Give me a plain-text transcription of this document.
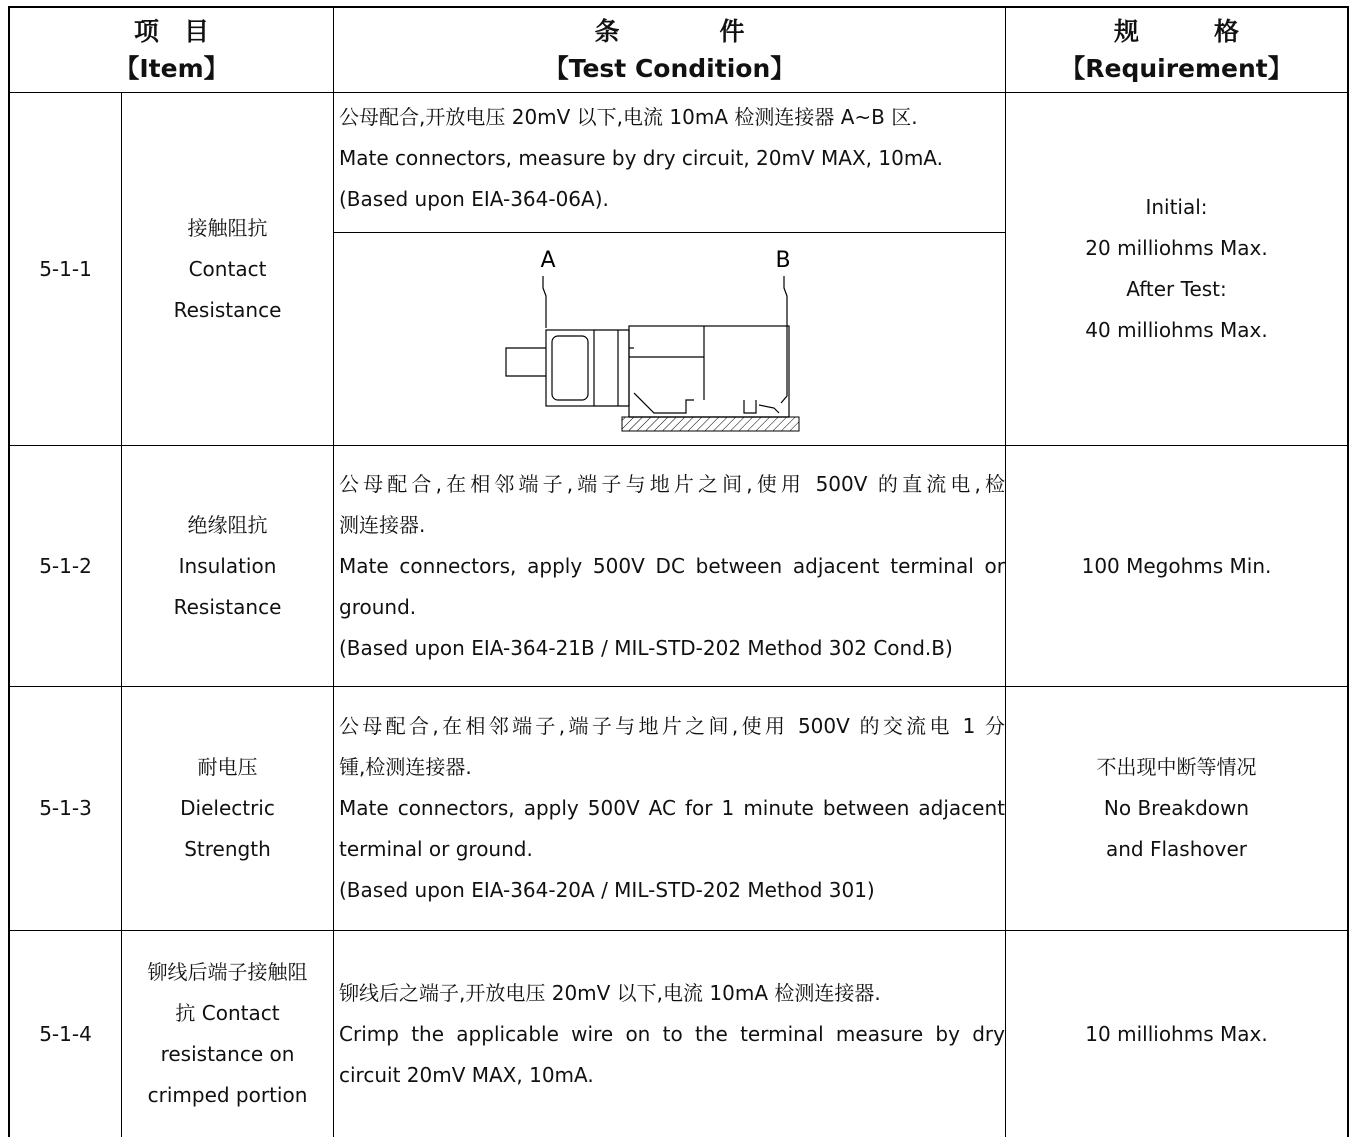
项　目
【Item】
条　　　　件
【Test Condition】
规　　　格
【Requirement】
5-1-1
接触阻抗
Contact
Resistance
公母配合,开放电压 20mV 以下,电流 10mA 检测连接器 A~B 区.
Mate connectors, measure by dry circuit, 20mV MAX, 10mA.
(Based upon EIA-364-06A).
A	B
Initial:
20 milliohms Max.
After Test:
40 milliohms Max.
5-1-2
绝缘阻抗
Insulation
Resistance
公母配合,在相邻端子,端子与地片之间,使用 500V 的直流电,检
测连接器.
Mate connectors, apply 500V DC between adjacent terminal or
ground.
(Based upon EIA-364-21B / MIL-STD-202 Method 302 Cond.B)
100 Megohms Min.
5-1-3
耐电压
Dielectric
Strength
公母配合,在相邻端子,端子与地片之间,使用 500V 的交流电 1 分
锺,检测连接器.
Mate connectors, apply 500V AC for 1 minute between adjacent
terminal or ground.
(Based upon EIA-364-20A / MIL-STD-202 Method 301)
不出现中断等情况
No Breakdown
and Flashover
5-1-4
铆线后端子接触阻
抗 Contact
resistance on
crimped portion
铆线后之端子,开放电压 20mV 以下,电流 10mA 检测连接器.
Crimp the applicable wire on to the terminal measure by dry
circuit 20mV MAX, 10mA.
10 milliohms Max.
